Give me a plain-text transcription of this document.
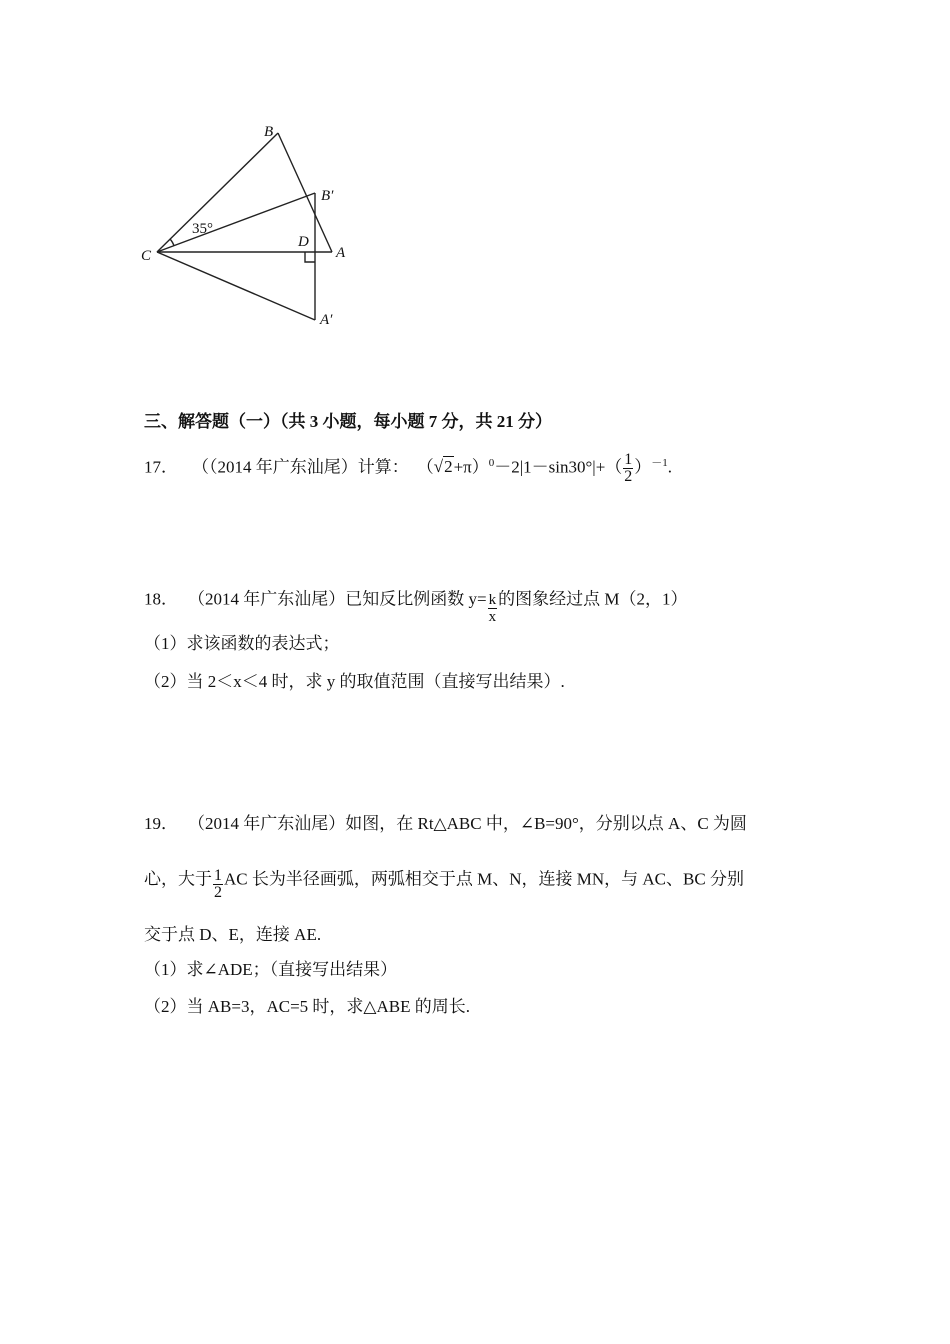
B
B′
35°
C
D
A
A′
三、解答题（一）（共 3 小题，每小题 7 分，共 21 分）
17． （（2014 年广东汕尾）计算： $(√2+\pi)^0-2|1-\sin 30^\circ|+( \frac{1}{2} )^{-1}$.
18． （2014 年广东汕尾）已知反比例函数 $y= \frac{k}{x}$ 的图象经过点 M（2，1）
（1）求该函数的表达式；
（2）当 2＜x＜4 时，求 y 的取值范围（直接写出结果）.
19． （2014 年广东汕尾）如图，在 Rt△ABC 中，∠B=90°，分别以点 A、C 为圆
心，大于 $\frac{1}{2}$ AC 长为半径画弧，两弧相交于点 M、N，连接 MN，与 AC、BC 分别
交于点 D、E，连接 AE.
（1）求∠ADE；（直接写出结果）
（2）当 AB=3，AC=5 时，求△ABE 的周长.
